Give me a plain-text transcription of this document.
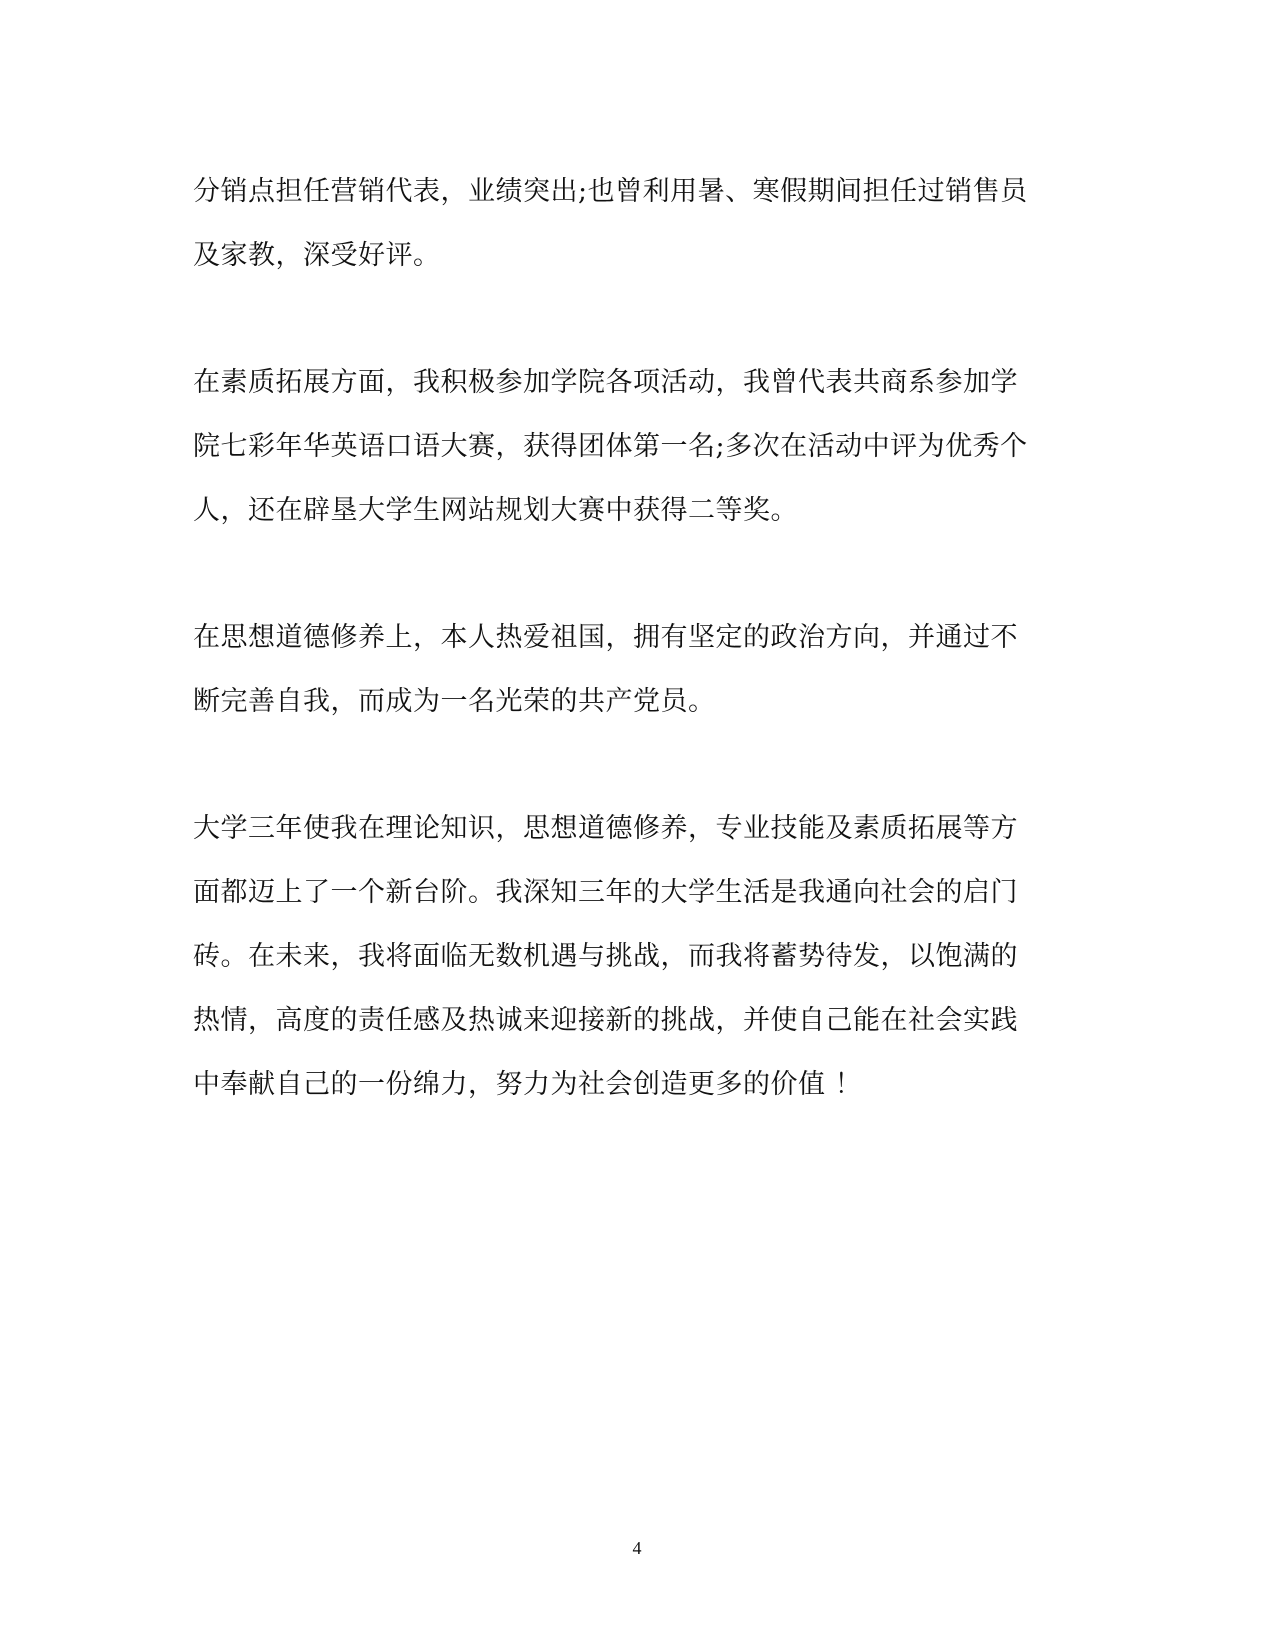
分销点担任营销代表，业绩突出;也曾利用暑、寒假期间担任过销售员
及家教，深受好评。

在素质拓展方面，我积极参加学院各项活动，我曾代表共商系参加学
院七彩年华英语口语大赛，获得团体第一名;多次在活动中评为优秀个
人，还在辟垦大学生网站规划大赛中获得二等奖。

在思想道德修养上，本人热爱祖国，拥有坚定的政治方向，并通过不
断完善自我，而成为一名光荣的共产党员。

大学三年使我在理论知识，思想道德修养，专业技能及素质拓展等方
面都迈上了一个新台阶。我深知三年的大学生活是我通向社会的启门
砖。在未来，我将面临无数机遇与挑战，而我将蓄势待发，以饱满的
热情，高度的责任感及热诚来迎接新的挑战，并使自己能在社会实践
中奉献自己的一份绵力，努力为社会创造更多的价值 ！

4
